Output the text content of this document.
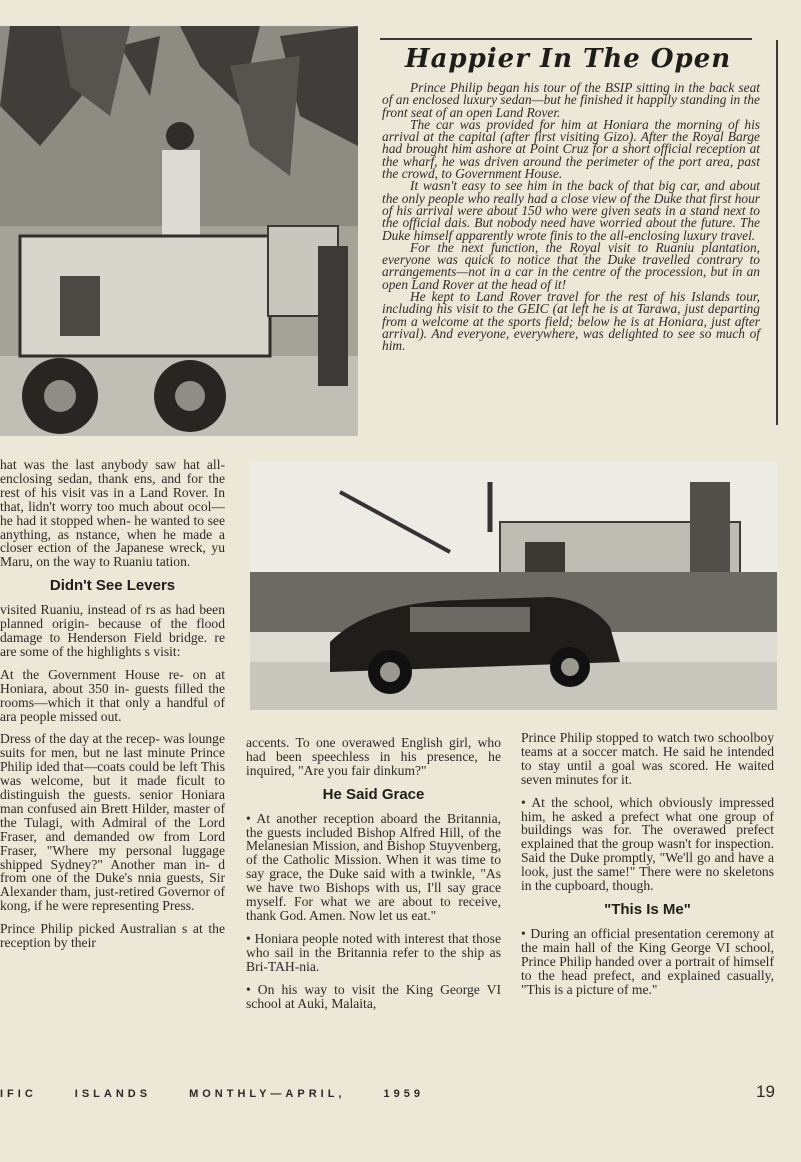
Happier In The Open

Prince Philip began his tour of the BSIP sitting in the back seat of an enclosed luxury sedan—but he finished it happily standing in the front seat of an open Land Rover.

The car was provided for him at Honiara the morning of his arrival at the capital (after first visiting Gizo). After the Royal Barge had brought him ashore at Point Cruz for a short official reception at the wharf, he was driven around the perimeter of the port area, past the crowd, to Government House.

It wasn't easy to see him in the back of that big car, and about the only people who really had a close view of the Duke that first hour of his arrival were about 150 who were given seats in a stand next to the official dais. But nobody need have worried about the future. The Duke himself apparently wrote finis to the all-enclosing luxury travel.

For the next function, the Royal visit to Ruaniu plantation, everyone was quick to notice that the Duke travelled contrary to arrangements—not in a car in the centre of the procession, but in an open Land Rover at the head of it!

He kept to Land Rover travel for the rest of his Islands tour, including his visit to the GEIC (at left he is at Tarawa, just departing from a welcome at the sports field; below he is at Honiara, just after arrival). And everyone, everywhere, was delighted to see so much of him.

hat was the last anybody saw hat all-enclosing sedan, thank ens, and for the rest of his visit vas in a Land Rover. In that, lidn't worry too much about ocol—he had it stopped when- he wanted to see anything, as nstance, when he made a closer ection of the Japanese wreck, yu Maru, on the way to Ruaniu tation.

Didn't See Levers

visited Ruaniu, instead of rs as had been planned origin- because of the flood damage to Henderson Field bridge. re are some of the highlights s visit:

At the Government House re- on at Honiara, about 350 in- guests filled the rooms—which it that only a handful of ara people missed out.

Dress of the day at the recep- was lounge suits for men, but ne last minute Prince Philip ided that—coats could be left This was welcome, but it made ficult to distinguish the guests. senior Honiara man confused ain Brett Hilder, master of the Tulagi, with Admiral of the Lord Fraser, and demanded ow from Lord Fraser, "Where my personal luggage shipped Sydney?" Another man in- d from one of the Duke's nnia guests, Sir Alexander tham, just-retired Governor of kong, if he were representing Press.

Prince Philip picked Australian s at the reception by their

accents. To one overawed English girl, who had been speechless in his presence, he inquired, "Are you fair dinkum?"

He Said Grace

• At another reception aboard the Britannia, the guests included Bishop Alfred Hill, of the Melanesian Mission, and Bishop Stuyvenberg, of the Catholic Mission. When it was time to say grace, the Duke said with a twinkle, "As we have two Bishops with us, I'll say grace myself. For what we are about to receive, thank God. Amen. Now let us eat."

• Honiara people noted with interest that those who sail in the Britannia refer to the ship as Bri-TAH-nia.

• On his way to visit the King George VI school at Auki, Malaita,

Prince Philip stopped to watch two schoolboy teams at a soccer match. He said he intended to stay until a goal was scored. He waited seven minutes for it.

• At the school, which obviously impressed him, he asked a prefect what one group of buildings was for. The overawed prefect explained that the group wasn't for inspection. Said the Duke promptly, "We'll go and have a look, just the same!" There were no skeletons in the cupboard, though.

"This Is Me"

• During an official presentation ceremony at the main hall of the King George VI school, Prince Philip handed over a portrait of himself to the head prefect, and explained casually, "This is a picture of me."

IFIC	ISLANDS	MONTHLY—APRIL,	1959	19
